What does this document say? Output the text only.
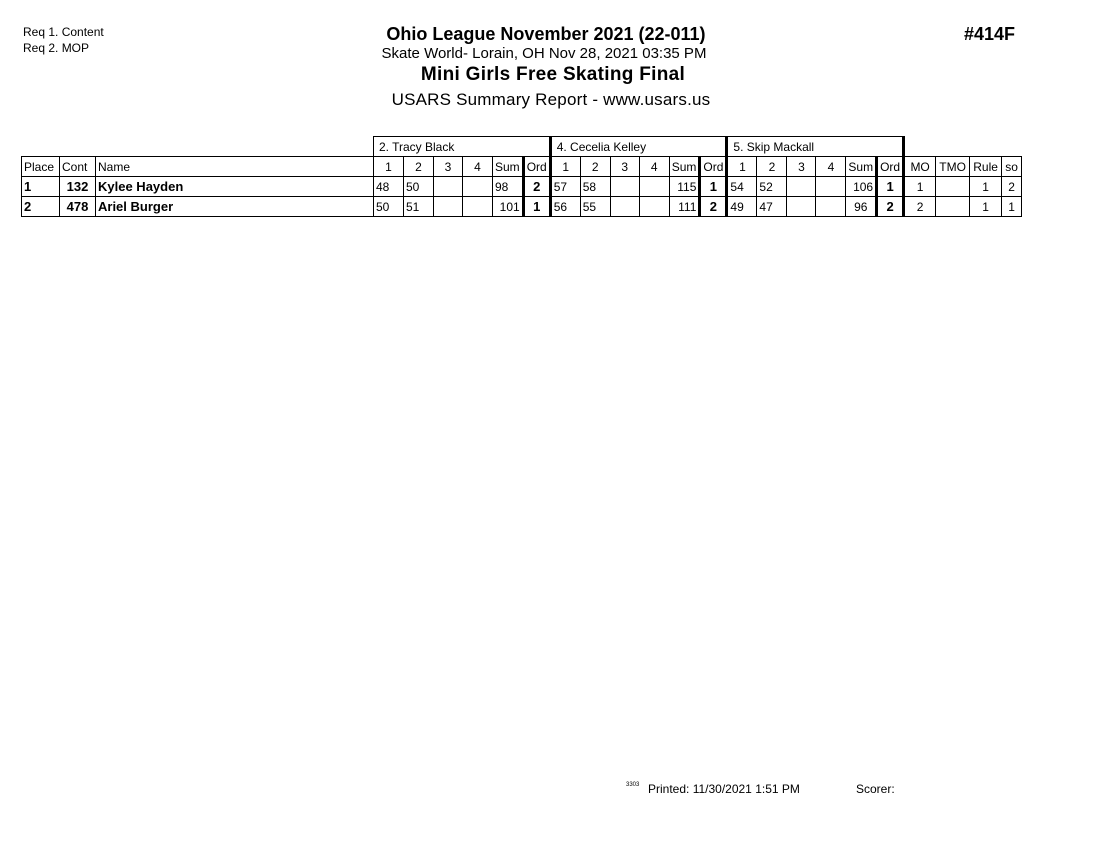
Req 1. Content
Req 2. MOP
Ohio League November 2021 (22-011)
Skate World- Lorain, OH Nov 28, 2021 03:35 PM
Mini Girls Free Skating Final
USARS Summary Report - www.usars.us
#414F
			2. Tracy Black						4. Cecelia Kelley						5. Skip Mackall									
Place	Cont	Name	1	2	3	4	Sum	Ord	1	2	3	4	Sum	Ord	1	2	3	4	Sum	Ord	MO	TMO	Rule	so
1	132	Kylee Hayden	48	50			98	2	57	58			115	1	54	52			106	1	1		1	2
2	478	Ariel Burger	50	51			101	1	56	55			111	2	49	47			96	2	2		1	1
3303 Printed: 11/30/2021 1:51 PM	Scorer:
